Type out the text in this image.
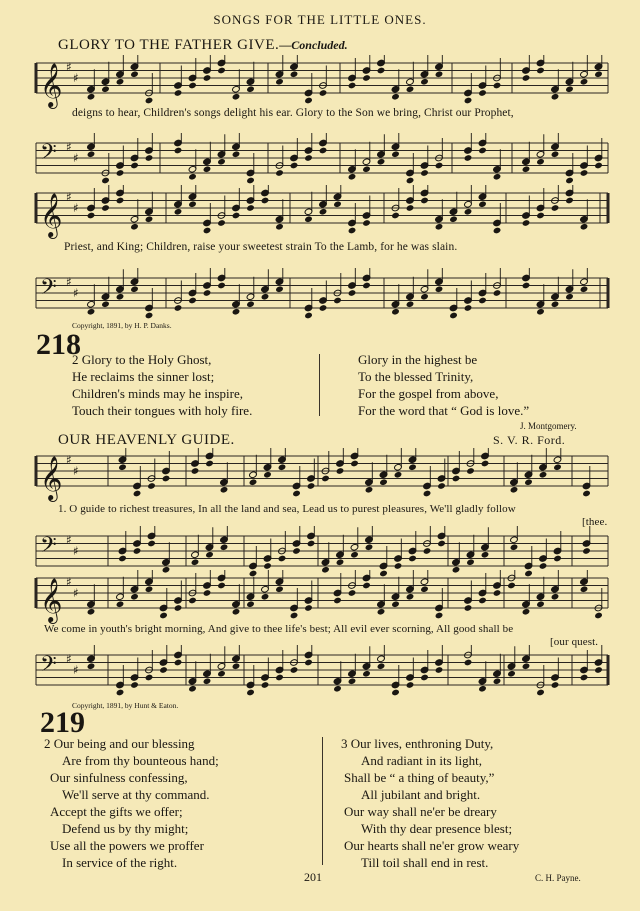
SONGS FOR THE LITTLE ONES.
GLORY TO THE FATHER GIVE.—Concluded.
𝄞 ♯
♯
deigns to hear, Children's songs delight his ear. Glory to the Son we bring, Christ our Prophet,
𝄢 ♯
♯
𝄞 ♯
♯
Priest, and King; Children, raise your sweetest strain To the Lamb, for he was slain.
𝄢 ♯
♯
Copyright, 1891, by H. P. Danks.
218
2 Glory to the Holy Ghost,
He reclaims the sinner lost;
Children's minds may he inspire,
Touch their tongues with holy fire.
Glory in the highest be
To the blessed Trinity,
For the gospel from above,
For the word that “ God is love.”
J. Montgomery.
OUR HEAVENLY GUIDE.	S. V. R. Ford.
𝄞 ♯
♯
1. O guide to richest treasures, In all the land and sea, Lead us to purest pleasures, We'll gladly follow
[thee.
𝄢 ♯
♯
𝄞 ♯
♯
We come in youth's bright morning, And give to thee life's best; All evil ever scorning, All good shall be
[our quest.
𝄢 ♯
♯
Copyright, 1891, by Hunt & Eaton.
219
2 Our being and our blessing
Are from thy bounteous hand;
Our sinfulness confessing,
We'll serve at thy command.
Accept the gifts we offer;
Defend us by thy might;
Use all the powers we proffer
In service of the right.
3 Our lives, enthroning Duty,
And radiant in its light,
Shall be “ a thing of beauty,”
All jubilant and bright.
Our way shall ne'er be dreary
With thy dear presence blest;
Our hearts shall ne'er grow weary
Till toil shall end in rest.
201	C. H. Payne.
